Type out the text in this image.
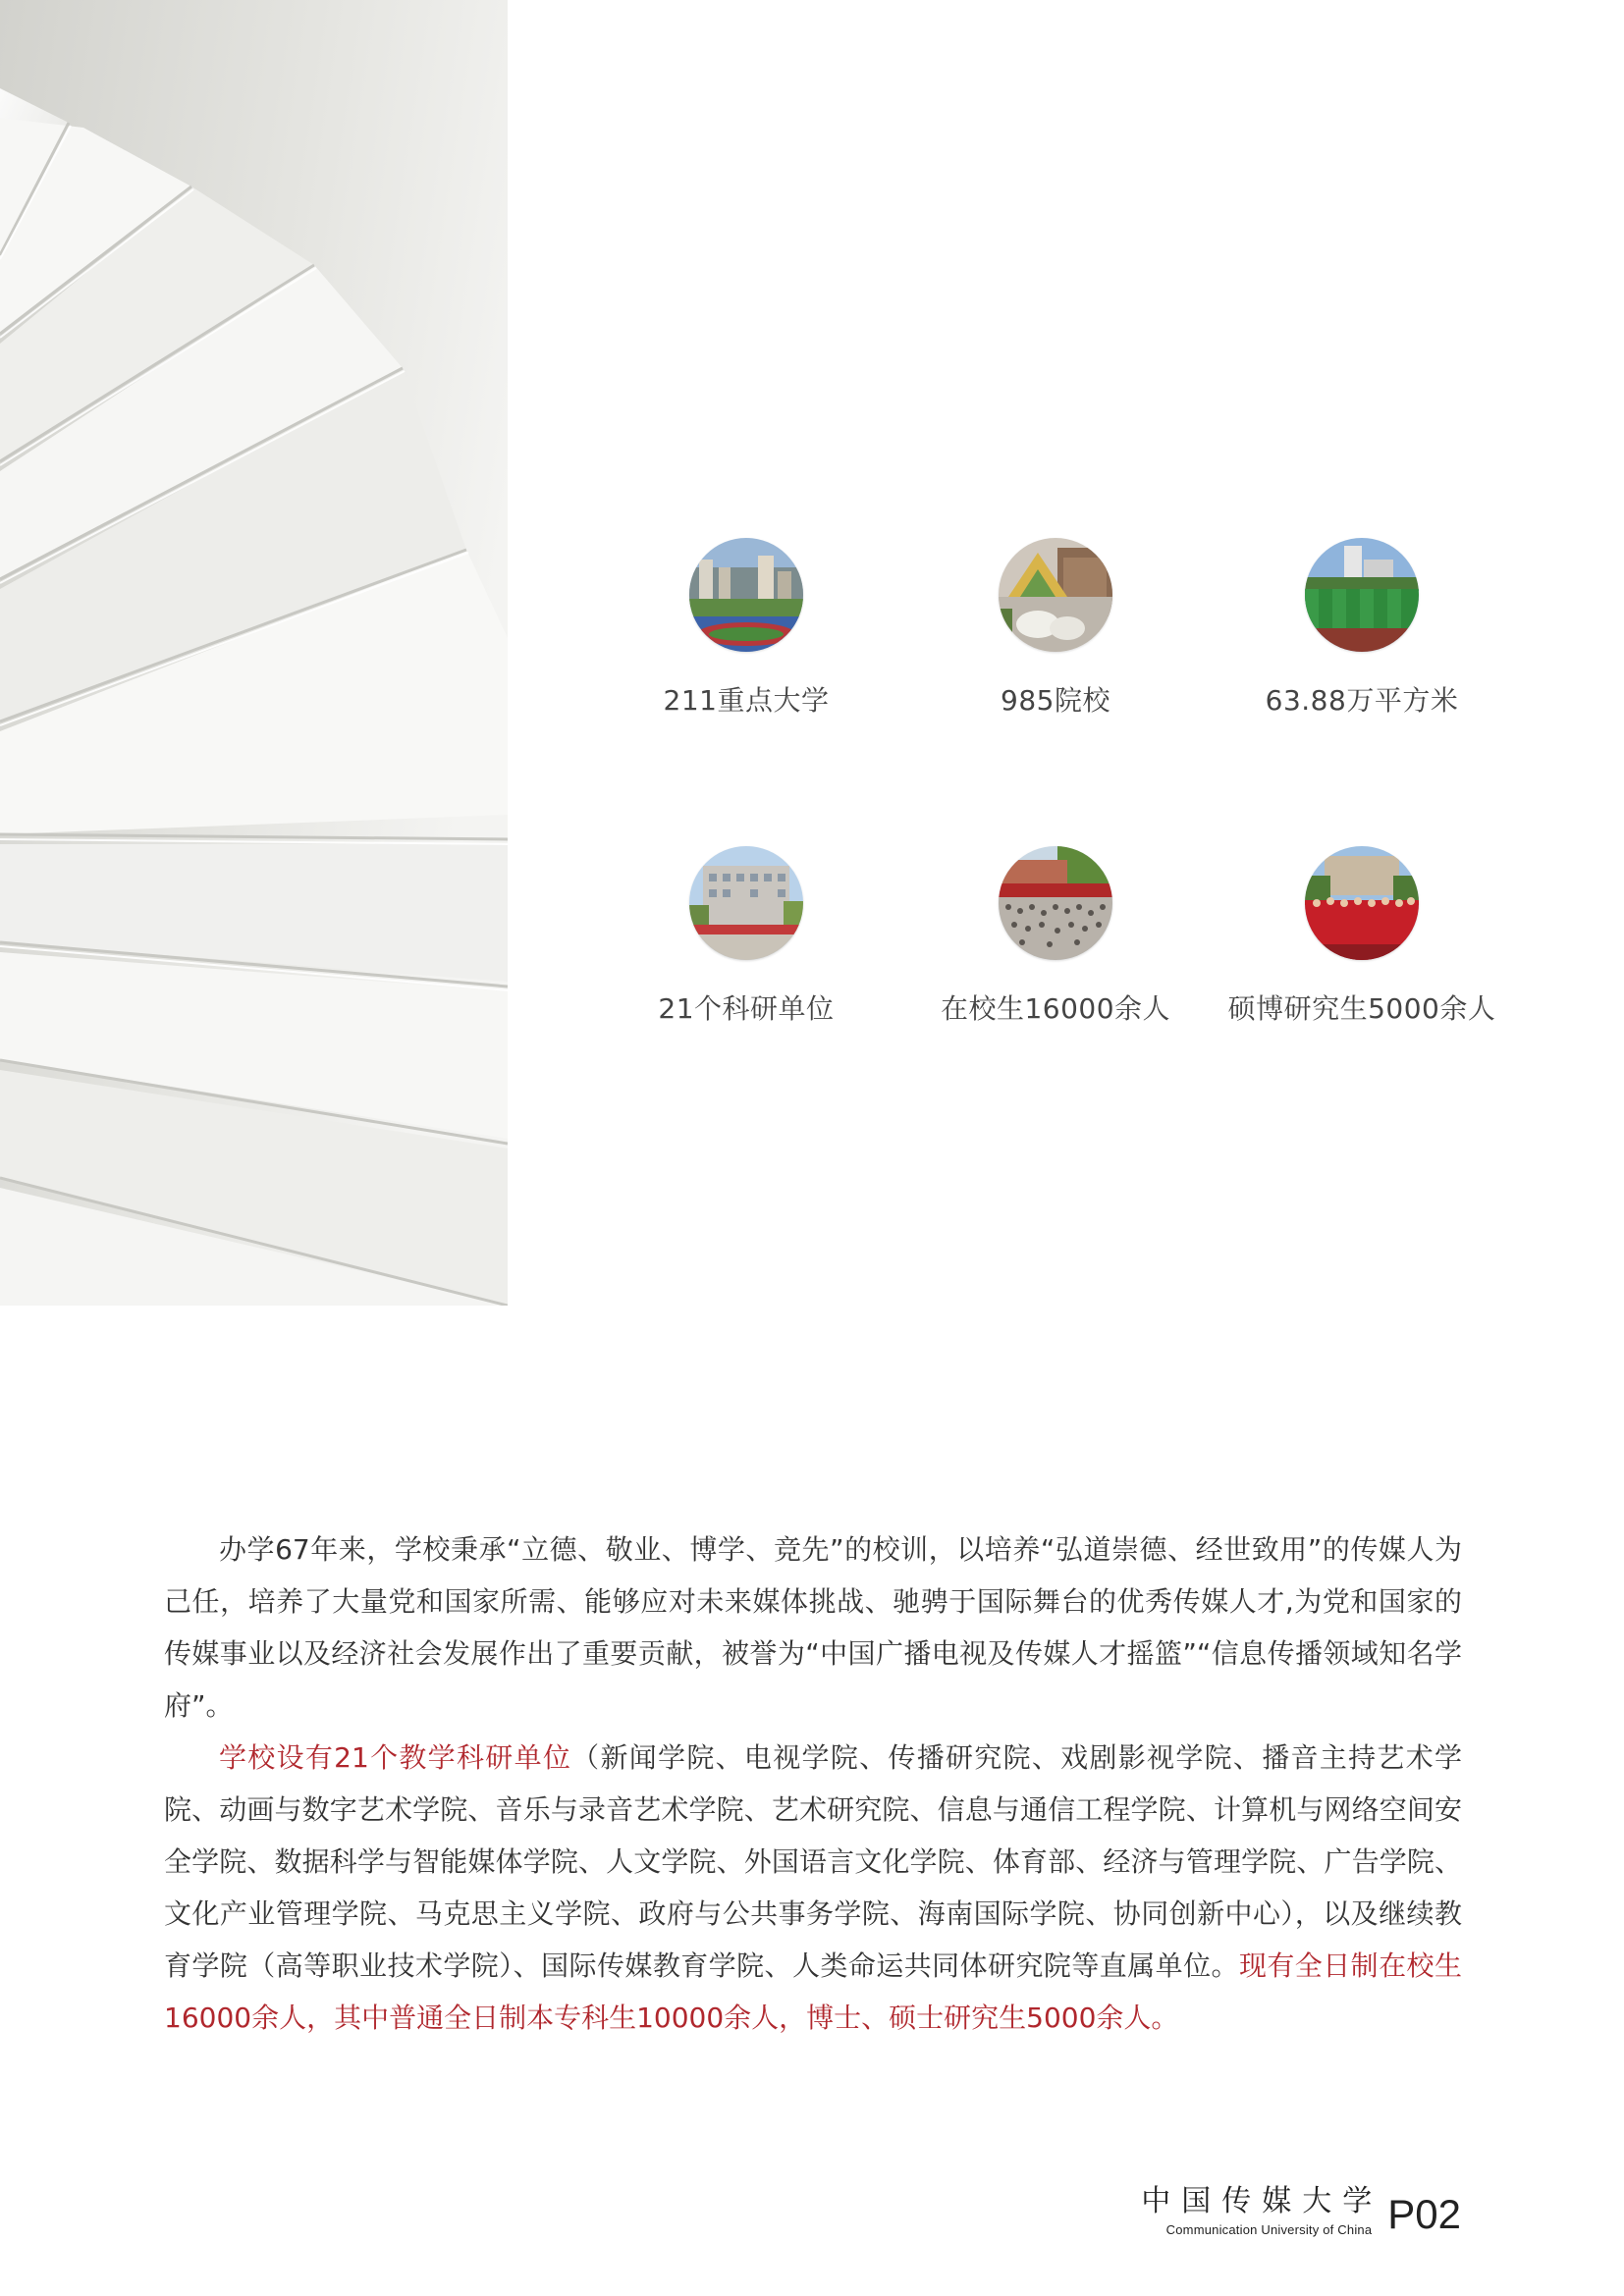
211重点大学	985院校	63.88万平方米
21个科研单位	在校生16000余人	硕博研究生5000余人

办学67年来，学校秉承“立德、敬业、博学、竞先”的校训，以培养“弘道崇德、经世致用”的传媒人为己任，培养了大量党和国家所需、能够应对未来媒体挑战、驰骋于国际舞台的优秀传媒人才,为党和国家的传媒事业以及经济社会发展作出了重要贡献，被誉为“中国广播电视及传媒人才摇篮”“信息传播领域知名学府”。

学校设有21个教学科研单位（新闻学院、电视学院、传播研究院、戏剧影视学院、播音主持艺术学院、动画与数字艺术学院、音乐与录音艺术学院、艺术研究院、信息与通信工程学院、计算机与网络空间安全学院、数据科学与智能媒体学院、人文学院、外国语言文化学院、体育部、经济与管理学院、广告学院、文化产业管理学院、马克思主义学院、政府与公共事务学院、海南国际学院、协同创新中心），以及继续教育学院（高等职业技术学院）、国际传媒教育学院、人类命运共同体研究院等直属单位。现有全日制在校生16000余人，其中普通全日制本专科生10000余人，博士、硕士研究生5000余人。

中国传媒大学
Communication University of China P02
